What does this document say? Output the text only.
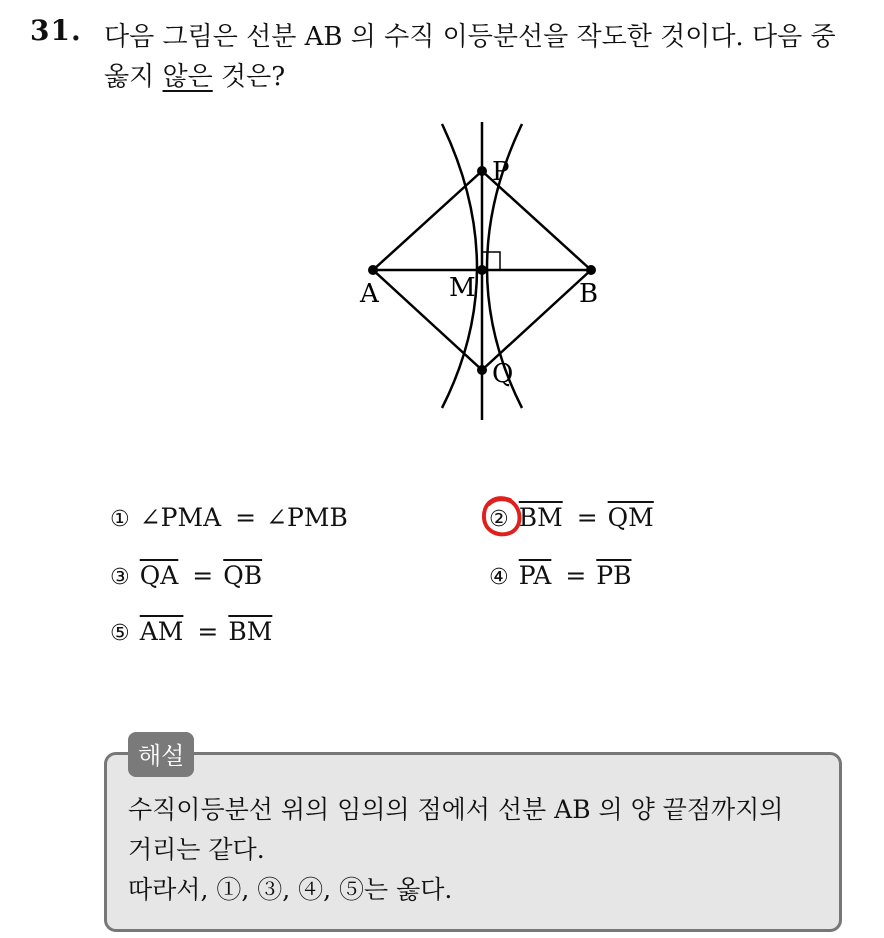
31. 다음 그림은 선분 AB 의 수직 이등분선을 작도한 것이다. 다음 중
옳지 않은 것은?
P
A	M	B
Q
① ∠PMA = ∠PMB	② $\overline{BM} = \overline{QM}$
③ $\overline{QA} = \overline{QB}$	④ $\overline{PA} = \overline{PB}$
⑤ $\overline{AM} = \overline{BM}$
해설
수직이등분선 위의 임의의 점에서 선분 AB 의 양 끝점까지의
거리는 같다.
따라서, ①, ③, ④, ⑤는 옳다.
